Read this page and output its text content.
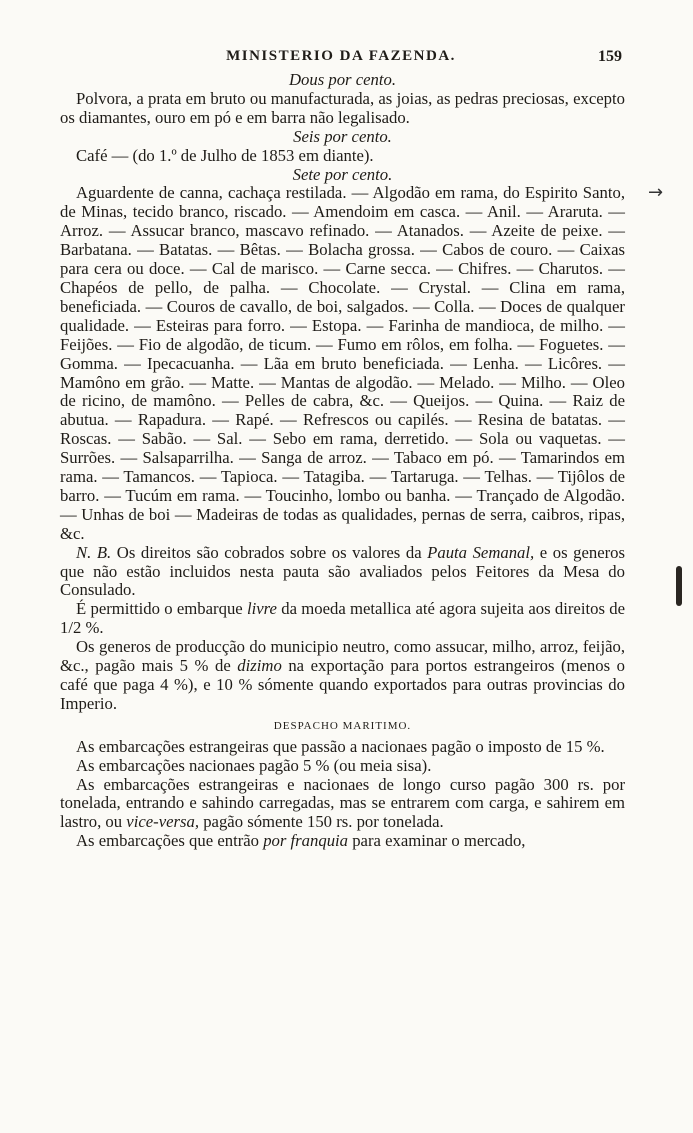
MINISTERIO DA FAZENDA.	159

Dous por cento.

Polvora, a prata em bruto ou manufacturada, as joias, as pedras preciosas, excepto os diamantes, ouro em pó e em barra não legalisado.

Seis por cento.

Café — (do 1.º de Julho de 1853 em diante).

Sete por cento.

Aguardente de canna, cachaça restilada. — Algodão em rama, do Espirito Santo, de Minas, tecido branco, riscado. — Amendoim em casca. — Anil. — Araruta. — Arroz. — Assucar branco, mascavo refinado. — Atanados. — Azeite de peixe. — Barbatana. — Batatas. — Bêtas. — Bolacha grossa. — Cabos de couro. — Caixas para cera ou doce. — Cal de marisco. — Carne secca. — Chifres. — Charutos. — Chapéos de pello, de palha. — Chocolate. — Crystal. — Clina em rama, beneficiada. — Couros de cavallo, de boi, salgados. — Colla. — Doces de qualquer qualidade. — Esteiras para forro. — Estopa. — Farinha de mandioca, de milho. — Feijões. — Fio de algodão, de ticum. — Fumo em rôlos, em folha. — Foguetes. — Gomma. — Ipecacuanha. — Lãa em bruto beneficiada. — Lenha. — Licôres. — Mamôno em grão. — Matte. — Mantas de algodão. — Melado. — Milho. — Oleo de ricino, de mamôno. — Pelles de cabra, &c. — Queijos. — Quina. — Raiz de abutua. — Rapadura. — Rapé. — Refrescos ou capilés. — Resina de batatas. — Roscas. — Sabão. — Sal. — Sebo em rama, derretido. — Sola ou vaquetas. — Surrões. — Salsaparrilha. — Sanga de arroz. — Tabaco em pó. — Tamarindos em rama. — Tamancos. — Tapioca. — Tatagiba. — Tartaruga. — Telhas. — Tijôlos de barro. — Tucúm em rama. — Toucinho, lombo ou banha. — Trançado de Algodão. — Unhas de boi — Madeiras de todas as qualidades, pernas de serra, caibros, ripas, &c.

N. B. Os direitos são cobrados sobre os valores da Pauta Semanal, e os generos que não estão incluidos nesta pauta são avaliados pelos Feitores da Mesa do Consulado.

É permittido o embarque livre da moeda metallica até agora sujeita aos direitos de 1/2 %.

Os generos de producção do municipio neutro, como assucar, milho, arroz, feijão, &c., pagão mais 5 % de dizimo na exportação para portos estrangeiros (menos o café que paga 4 %), e 10 % sómente quando exportados para outras provincias do Imperio.

DESPACHO MARITIMO.

As embarcações estrangeiras que passão a nacionaes pagão o imposto de 15 %.

As embarcações nacionaes pagão 5 % (ou meia sisa).

As embarcações estrangeiras e nacionaes de longo curso pagão 300 rs. por tonelada, entrando e sahindo carregadas, mas se entrarem com carga, e sahirem em lastro, ou vice-versa, pagão sómente 150 rs. por tonelada.

As embarcações que entrão por franquia para examinar o mercado,

→
